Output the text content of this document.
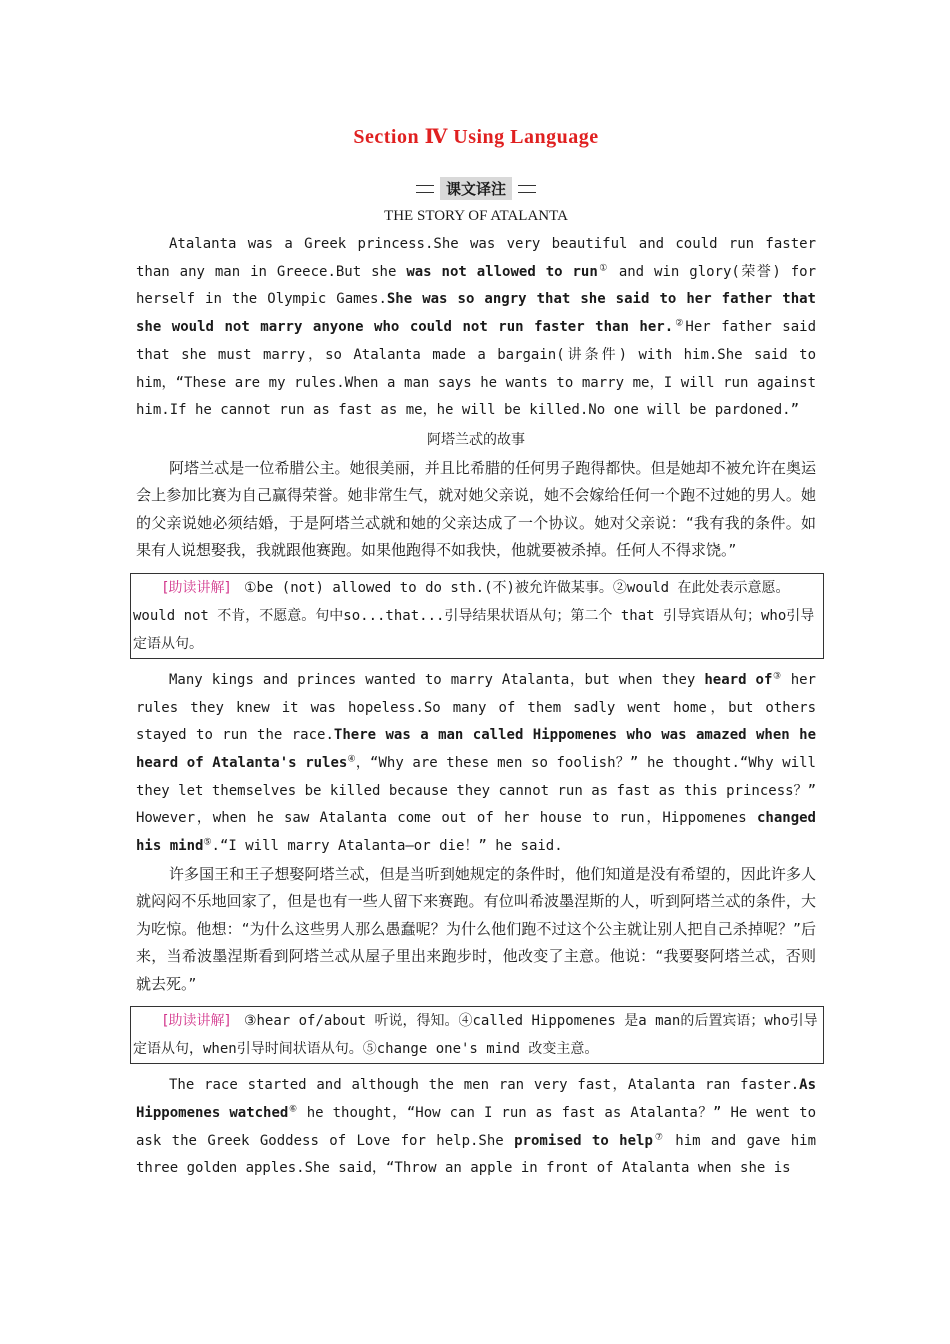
Section Ⅳ Using Language
课文译注
THE STORY OF ATALANTA

Atalanta was a Greek princess.She was very beautiful and could run faster than any man in Greece.But she was not allowed to run① and win glory(荣誉) for herself in the Olympic Games.She was so angry that she said to her father that she would not marry anyone who could not run faster than her.②Her father said that she must marry，so Atalanta made a bargain(讲条件) with him.She said to him，“These are my rules.When a man says he wants to marry me，I will run against him.If he cannot run as fast as me，he will be killed.No one will be pardoned.”

阿塔兰忒的故事

阿塔兰忒是一位希腊公主。她很美丽，并且比希腊的任何男子跑得都快。但是她却不被允许在奥运会上参加比赛为自己赢得荣誉。她非常生气，就对她父亲说，她不会嫁给任何一个跑不过她的男人。她的父亲说她必须结婚，于是阿塔兰忒就和她的父亲达成了一个协议。她对父亲说：“我有我的条件。如果有人说想娶我，我就跟他赛跑。如果他跑得不如我快，他就要被杀掉。任何人不得求饶。”

[助读讲解] ①be (not) allowed to do sth.(不)被允许做某事。②would 在此处表示意愿。would not 不肯，不愿意。句中so...that...引导结果状语从句；第二个 that 引导宾语从句；who引导定语从句。

Many kings and princes wanted to marry Atalanta，but when they heard of③ her rules they knew it was hopeless.So many of them sadly went home，but others stayed to run the race.There was a man called Hippomenes who was amazed when he heard of Atalanta's rules④，“Why are these men so foolish？” he thought.“Why will they let themselves be killed because they cannot run as fast as this princess？” However，when he saw Atalanta come out of her house to run，Hippomenes changed his mind⑤.“I will marry Atalanta—or die！” he said.

许多国王和王子想娶阿塔兰忒，但是当听到她规定的条件时，他们知道是没有希望的，因此许多人就闷闷不乐地回家了，但是也有一些人留下来赛跑。有位叫希波墨涅斯的人，听到阿塔兰忒的条件，大为吃惊。他想：“为什么这些男人那么愚蠢呢？为什么他们跑不过这个公主就让别人把自己杀掉呢？”后来，当希波墨涅斯看到阿塔兰忒从屋子里出来跑步时，他改变了主意。他说：“我要娶阿塔兰忒，否则就去死。”

[助读讲解] ③hear of/about 听说，得知。④called Hippomenes 是a man的后置宾语；who引导定语从句，when引导时间状语从句。⑤change one's mind 改变主意。

The race started and although the men ran very fast，Atalanta ran faster.As Hippomenes watched⑥ he thought，“How can I run as fast as Atalanta？” He went to ask the Greek Goddess of Love for help.She promised to help⑦ him and gave him three golden apples.She said，“Throw an apple in front of Atalanta when she is
